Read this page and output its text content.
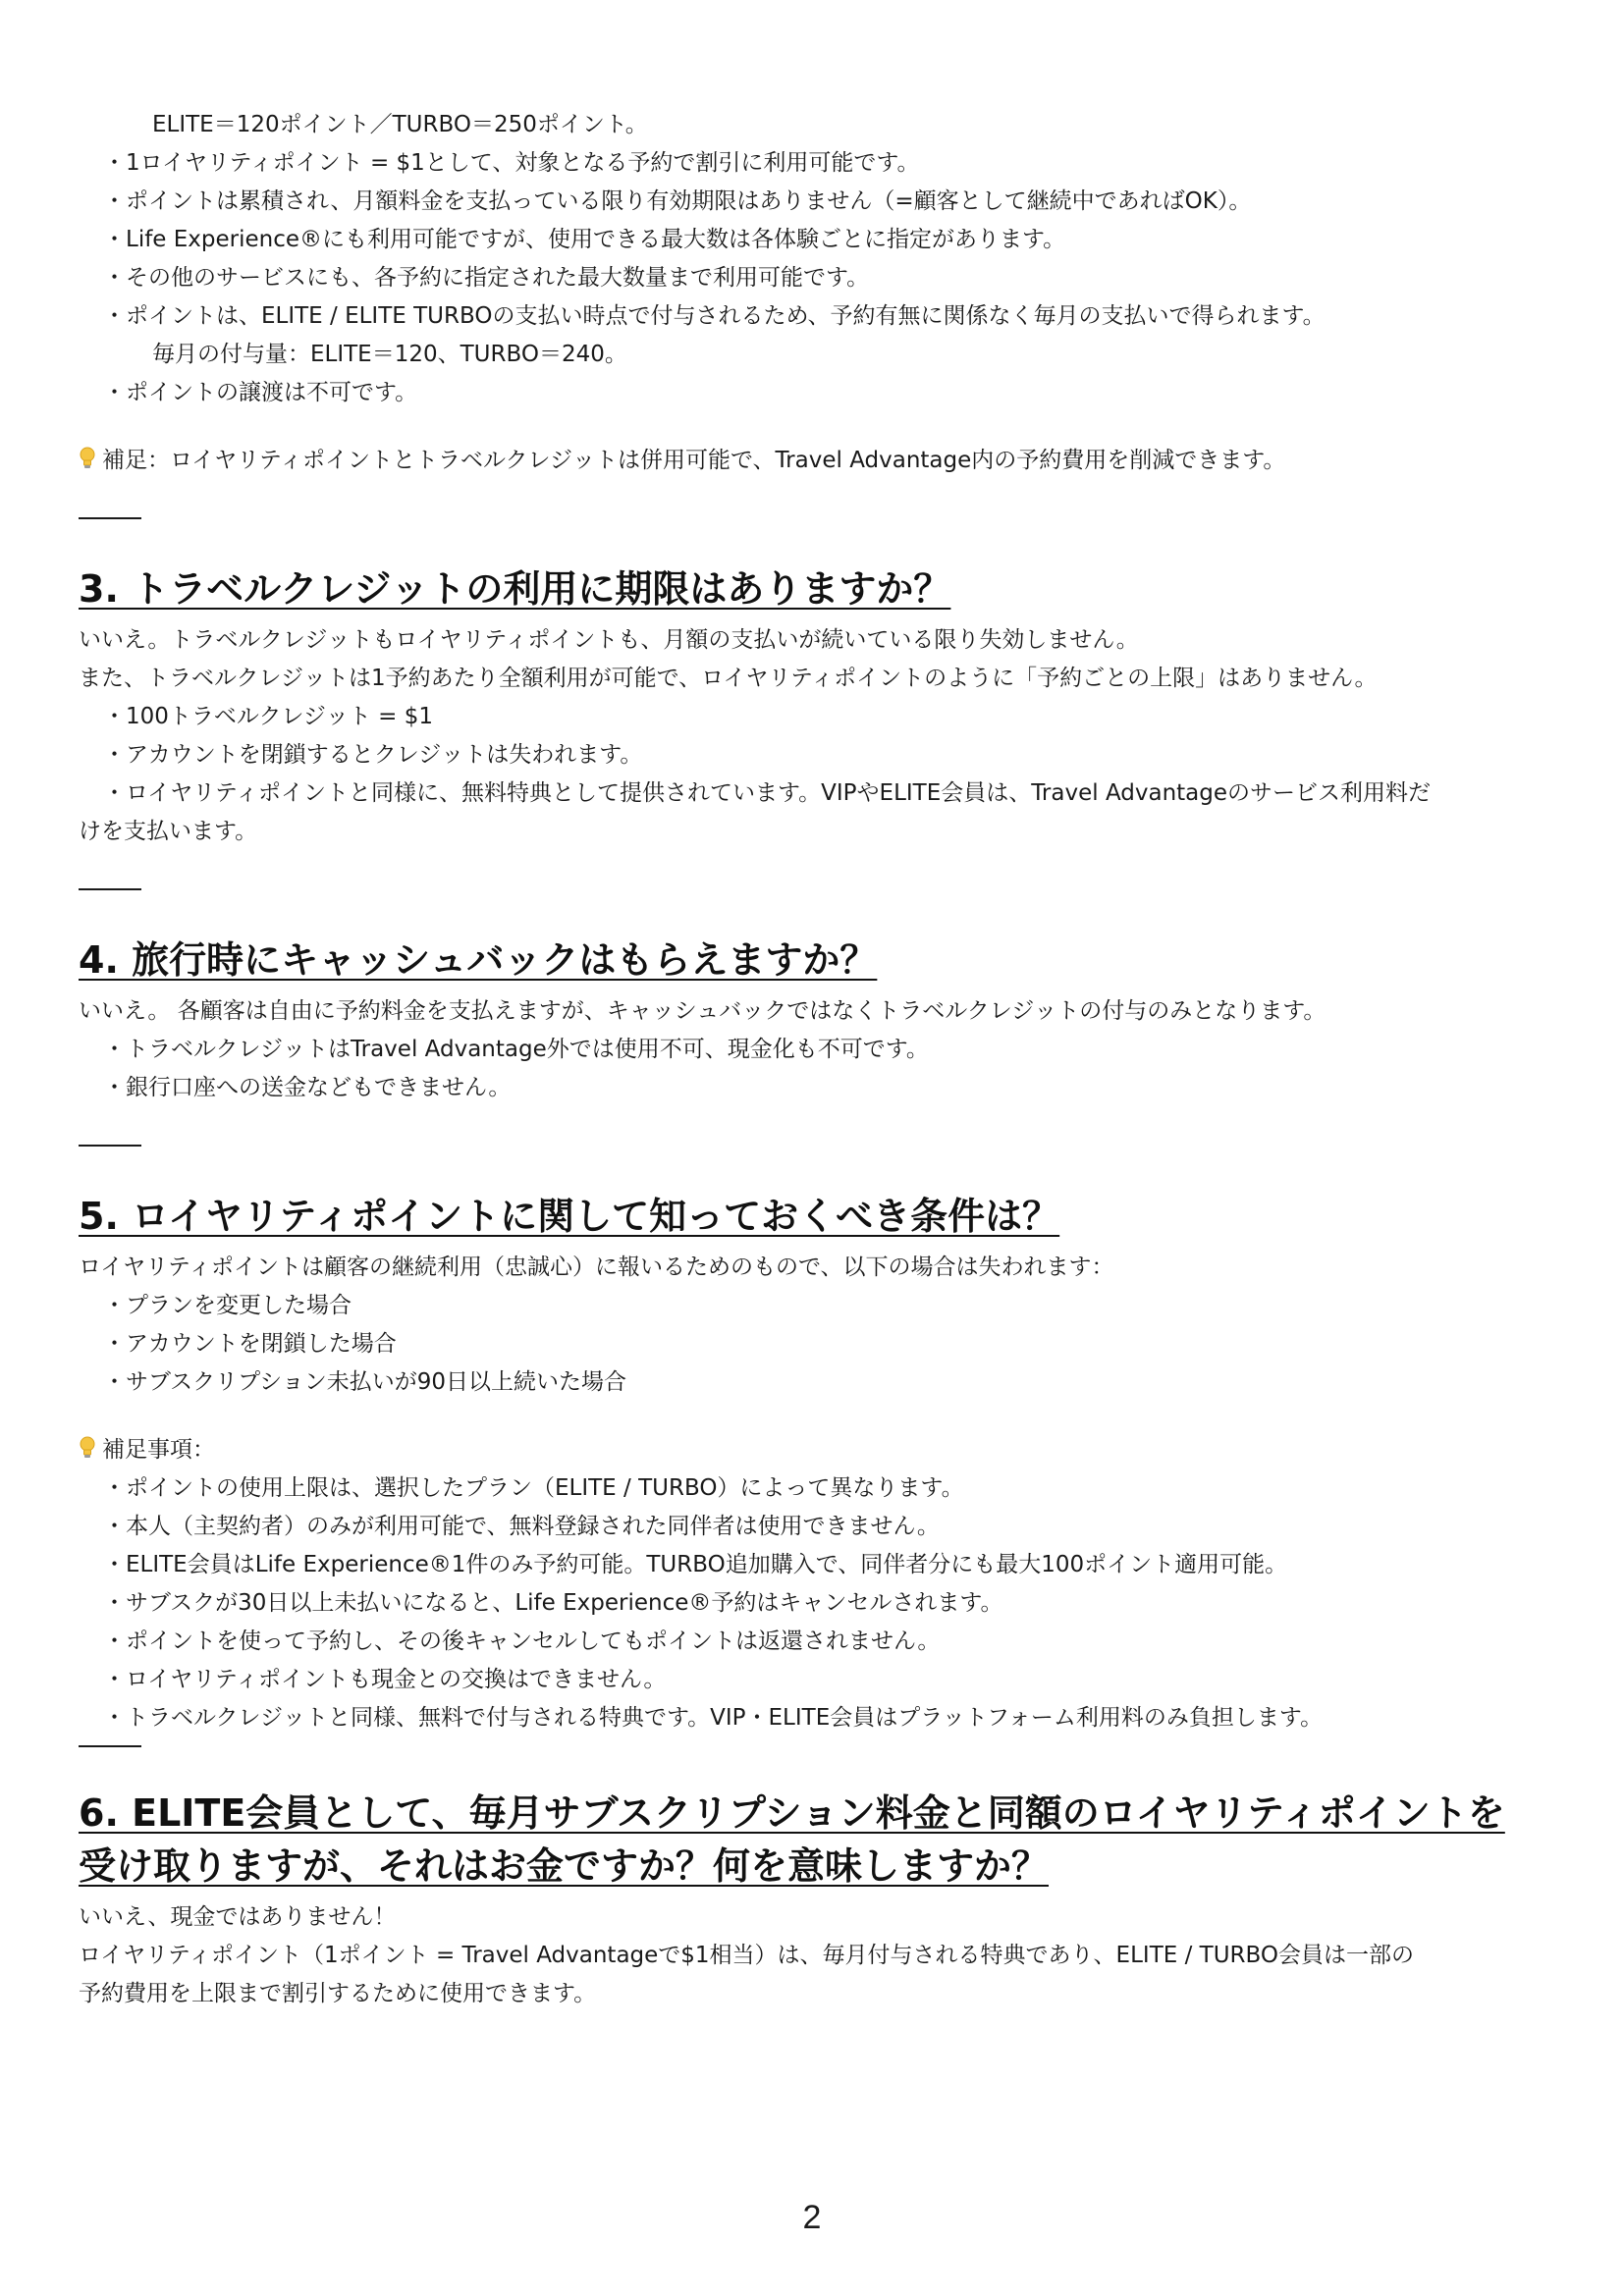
ELITE＝120ポイント／TURBO＝250ポイント。
・1ロイヤリティポイント = $1として、対象となる予約で割引に利用可能です。
・ポイントは累積され、月額料金を支払っている限り有効期限はありません（=顧客として継続中であればOK）。
・Life Experience®にも利用可能ですが、使用できる最大数は各体験ごとに指定があります。
・その他のサービスにも、各予約に指定された最大数量まで利用可能です。
・ポイントは、ELITE / ELITE TURBOの支払い時点で付与されるため、予約有無に関係なく毎月の支払いで得られます。
毎月の付与量：ELITE＝120、TURBO＝240。
・ポイントの譲渡は不可です。
補足：ロイヤリティポイントとトラベルクレジットは併用可能で、Travel Advantage内の予約費用を削減できます。
3. トラベルクレジットの利用に期限はありますか？
いいえ。トラベルクレジットもロイヤリティポイントも、月額の支払いが続いている限り失効しません。
また、トラベルクレジットは1予約あたり全額利用が可能で、ロイヤリティポイントのように「予約ごとの上限」はありません。
・100トラベルクレジット = $1
・アカウントを閉鎖するとクレジットは失われます。
・ロイヤリティポイントと同様に、無料特典として提供されています。VIPやELITE会員は、Travel Advantageのサービス利用料だ
けを支払います。
4. 旅行時にキャッシュバックはもらえますか？
いいえ。 各顧客は自由に予約料金を支払えますが、キャッシュバックではなくトラベルクレジットの付与のみとなります。
・トラベルクレジットはTravel Advantage外では使用不可、現金化も不可です。
・銀行口座への送金などもできません。
5. ロイヤリティポイントに関して知っておくべき条件は？
ロイヤリティポイントは顧客の継続利用（忠誠心）に報いるためのもので、以下の場合は失われます：
・プランを変更した場合
・アカウントを閉鎖した場合
・サブスクリプション未払いが90日以上続いた場合
補足事項：
・ポイントの使用上限は、選択したプラン（ELITE / TURBO）によって異なります。
・本人（主契約者）のみが利用可能で、無料登録された同伴者は使用できません。
・ELITE会員はLife Experience®1件のみ予約可能。TURBO追加購入で、同伴者分にも最大100ポイント適用可能。
・サブスクが30日以上未払いになると、Life Experience®予約はキャンセルされます。
・ポイントを使って予約し、その後キャンセルしてもポイントは返還されません。
・ロイヤリティポイントも現金との交換はできません。
・トラベルクレジットと同様、無料で付与される特典です。VIP・ELITE会員はプラットフォーム利用料のみ負担します。
6. ELITE会員として、毎月サブスクリプション料金と同額のロイヤリティポイントを
受け取りますが、それはお金ですか？何を意味しますか？
いいえ、現金ではありません！
ロイヤリティポイント（1ポイント = Travel Advantageで$1相当）は、毎月付与される特典であり、ELITE / TURBO会員は一部の
予約費用を上限まで割引するために使用できます。
2
